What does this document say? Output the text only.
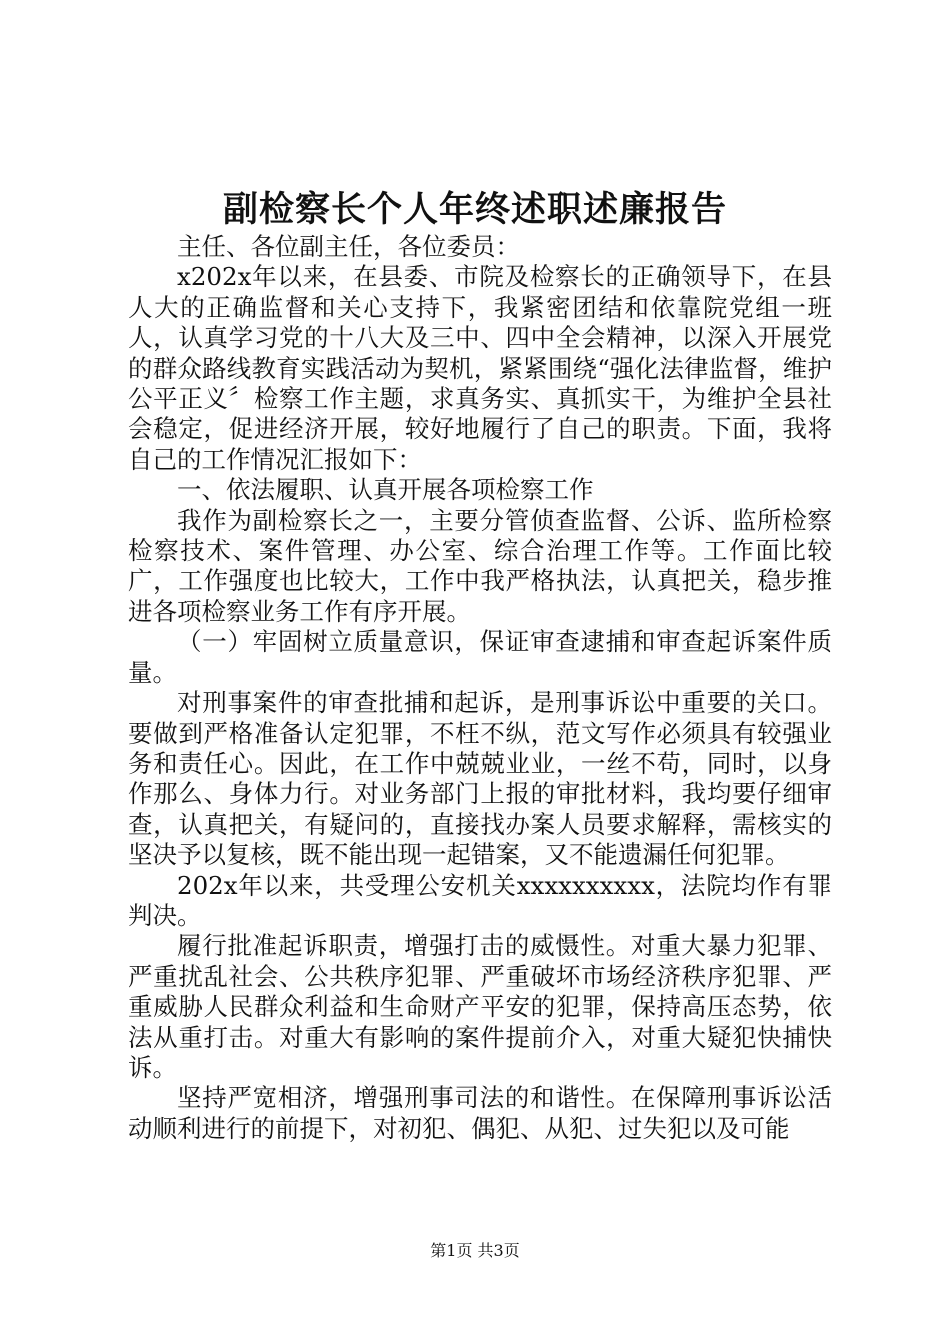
副检察长个人年终述职述廉报告

主任、各位副主任，各位委员：

x202x年以来，在县委、市院及检察长的正确领导下，在县人大的正确监督和关心支持下，我紧密团结和依靠院党组一班人，认真学习党的十八大及三中、四中全会精神，以深入开展党的群众路线教育实践活动为契机，紧紧围绕“强化法律监督，维护公平正义〞检察工作主题，求真务实、真抓实干，为维护全县社会稳定，促进经济开展，较好地履行了自己的职责。下面，我将自己的工作情况汇报如下：

一、依法履职、认真开展各项检察工作

我作为副检察长之一，主要分管侦查监督、公诉、监所检察检察技术、案件管理、办公室、综合治理工作等。工作面比较广，工作强度也比较大，工作中我严格执法，认真把关，稳步推进各项检察业务工作有序开展。

（一）牢固树立质量意识，保证审查逮捕和审查起诉案件质量。

对刑事案件的审查批捕和起诉，是刑事诉讼中重要的关口。要做到严格准备认定犯罪，不枉不纵，范文写作必须具有较强业务和责任心。因此，在工作中兢兢业业，一丝不苟，同时，以身作那么、身体力行。对业务部门上报的审批材料，我均要仔细审查，认真把关，有疑问的，直接找办案人员要求解释，需核实的坚决予以复核，既不能出现一起错案，又不能遗漏任何犯罪。

202x年以来，共受理公安机关xxxxxxxxxx，法院均作有罪判决。

履行批准起诉职责，增强打击的威慑性。对重大暴力犯罪、严重扰乱社会、公共秩序犯罪、严重破坏市场经济秩序犯罪、严重威胁人民群众利益和生命财产平安的犯罪，保持高压态势，依法从重打击。对重大有影响的案件提前介入，对重大疑犯快捕快诉。

坚持严宽相济，增强刑事司法的和谐性。在保障刑事诉讼活动顺利进行的前提下，对初犯、偶犯、从犯、过失犯以及可能

第1页 共3页
